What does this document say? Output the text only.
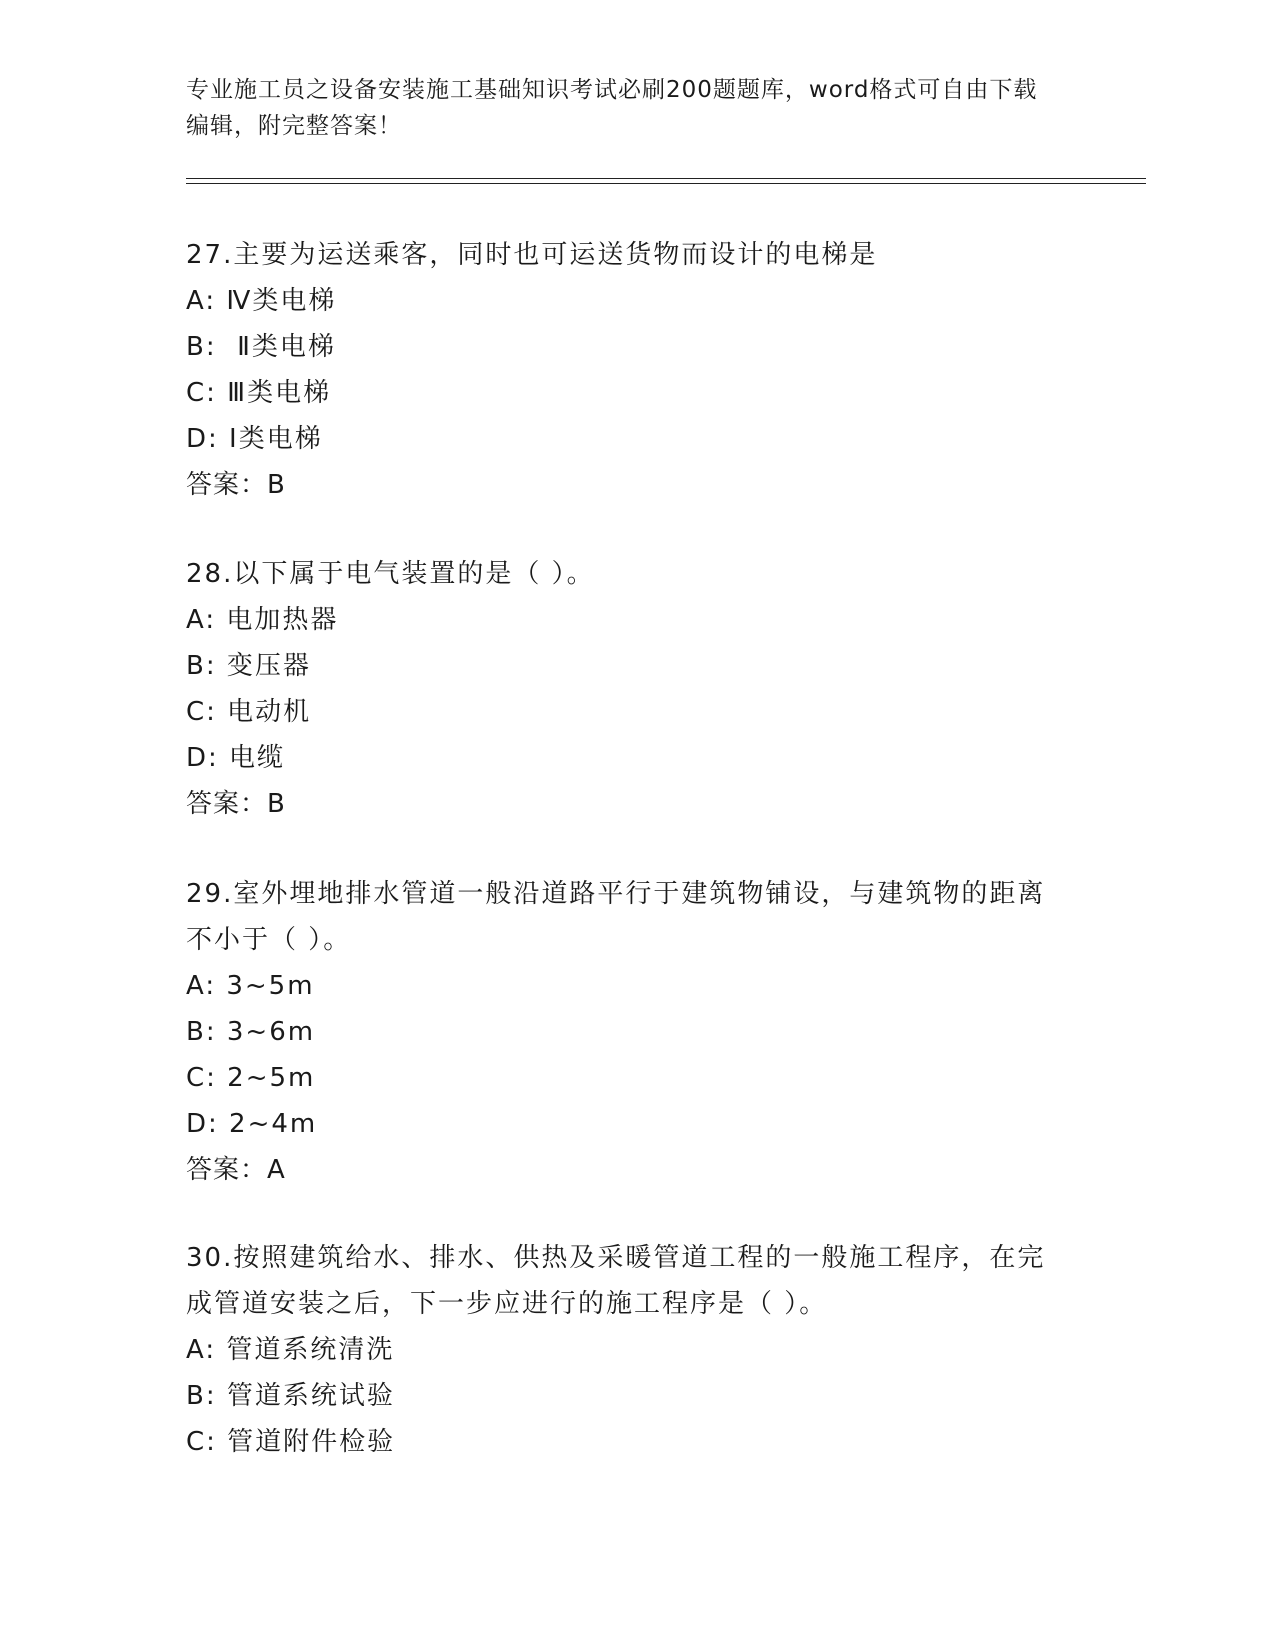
专业施工员之设备安装施工基础知识考试必刷200题题库，word格式可自由下载
编辑，附完整答案！

27.主要为运送乘客，同时也可运送货物而设计的电梯是

A: Ⅳ类电梯

B:  Ⅱ类电梯

C: Ⅲ类电梯

D: Ⅰ类电梯

答案：B

28.以下属于电气装置的是（ ）。

A: 电加热器

B: 变压器

C: 电动机

D: 电缆

答案：B

29.室外埋地排水管道一般沿道路平行于建筑物铺设，与建筑物的距离

不小于（ ）。

A: 3~5m

B: 3~6m

C: 2~5m

D: 2~4m

答案：A

30.按照建筑给水、排水、供热及采暖管道工程的一般施工程序，在完

成管道安装之后，下一步应进行的施工程序是（ ）。

A: 管道系统清洗

B: 管道系统试验

C: 管道附件检验
